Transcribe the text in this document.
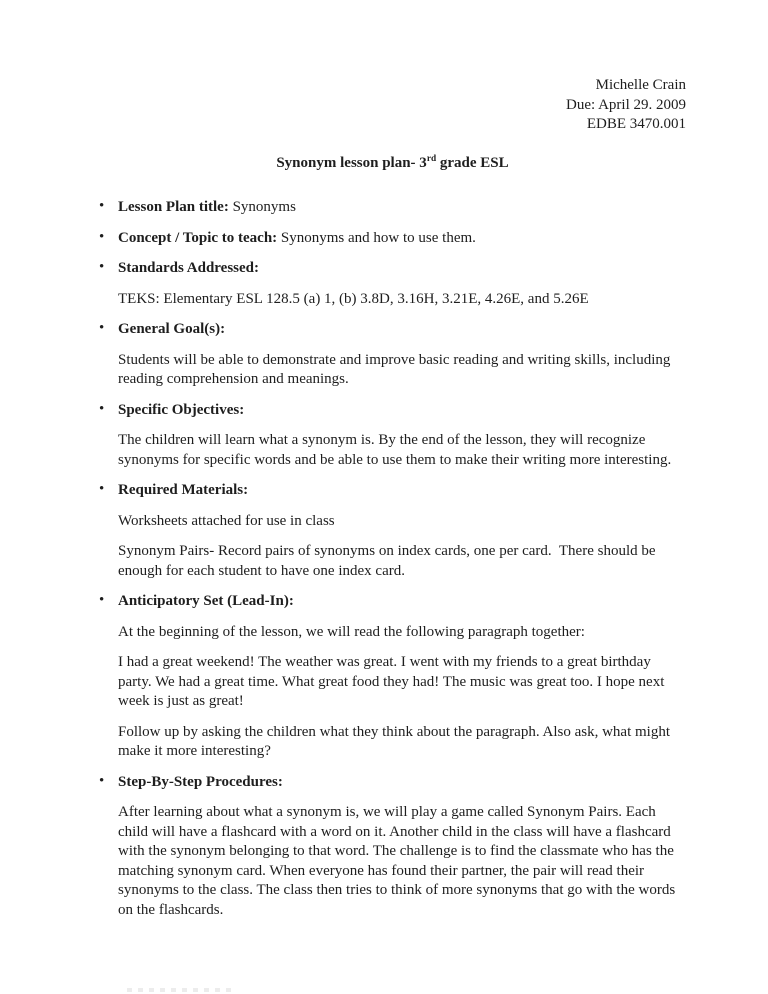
Michelle Crain
Due: April 29. 2009
EDBE 3470.001
Synonym lesson plan- 3rd grade ESL

• Lesson Plan title: Synonyms

• Concept / Topic to teach: Synonyms and how to use them.

• Standards Addressed:

TEKS: Elementary ESL 128.5 (a) 1, (b) 3.8D, 3.16H, 3.21E, 4.26E, and 5.26E

• General Goal(s):

Students will be able to demonstrate and improve basic reading and writing skills, including reading comprehension and meanings.

• Specific Objectives:

The children will learn what a synonym is. By the end of the lesson, they will recognize synonyms for specific words and be able to use them to make their writing more interesting.

• Required Materials:

Worksheets attached for use in class

Synonym Pairs- Record pairs of synonyms on index cards, one per card.  There should be enough for each student to have one index card.

• Anticipatory Set (Lead-In):

At the beginning of the lesson, we will read the following paragraph together:

I had a great weekend! The weather was great. I went with my friends to a great birthday party. We had a great time. What great food they had! The music was great too. I hope next week is just as great!

Follow up by asking the children what they think about the paragraph. Also ask, what might make it more interesting?

• Step-By-Step Procedures:

After learning about what a synonym is, we will play a game called Synonym Pairs. Each child will have a flashcard with a word on it. Another child in the class will have a flashcard with the synonym belonging to that word. The challenge is to find the classmate who has the matching synonym card. When everyone has found their partner, the pair will read their synonyms to the class. The class then tries to think of more synonyms that go with the words on the flashcards.
